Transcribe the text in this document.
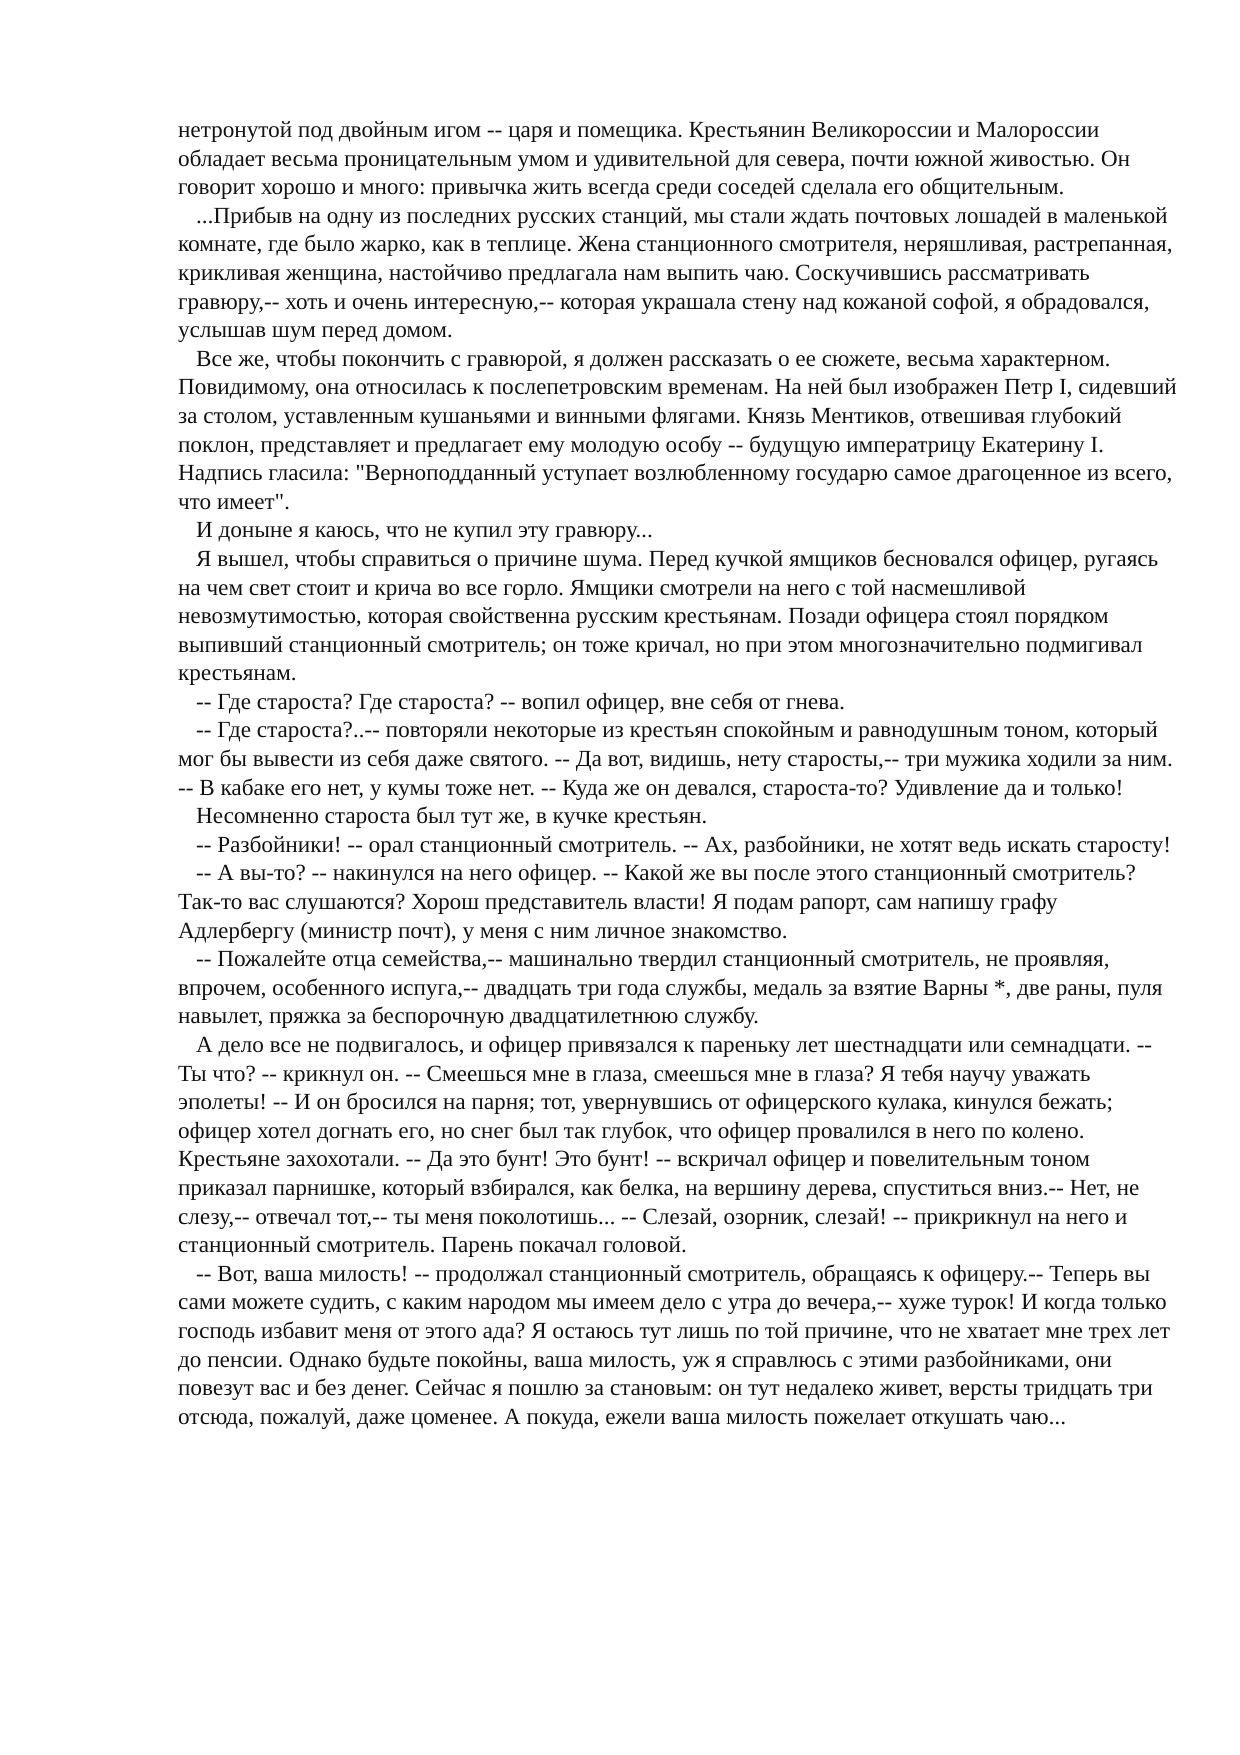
нетронутой под двойным игом -- царя и помещика. Крестьянин Великороссии и Малороссии обладает весьма проницательным умом и удивительной для севера, почти южной живостью. Он говорит хорошо и много: привычка жить всегда среди соседей сделала его общительным.

...Прибыв на одну из последних русских станций, мы стали ждать почтовых лошадей в маленькой комнате, где было жарко, как в теплице. Жена станционного смотрителя, неряшливая, растрепанная, крикливая женщина, настойчиво предлагала нам выпить чаю. Соскучившись рассматривать гравюру,-- хоть и очень интересную,-- которая украшала стену над кожаной софой, я обрадовался, услышав шум перед домом.

Все же, чтобы покончить с гравюрой, я должен рассказать о ее сюжете, весьма характерном. Повидимому, она относилась к послепетровским временам. На ней был изображен Петр I, сидевший за столом, уставленным кушаньями и винными флягами. Князь Ментиков, отвешивая глубокий поклон, представляет и предлагает ему молодую особу -- будущую императрицу Екатерину I. Надпись гласила: "Верноподданный уступает возлюбленному государю самое драгоценное из всего, что имеет".

И доныне я каюсь, что не купил эту гравюру...

Я вышел, чтобы справиться о причине шума. Перед кучкой ямщиков бесновался офицер, ругаясь на чем свет стоит и крича во все горло. Ямщики смотрели на него с той насмешливой невозмутимостью, которая свойственна русским крестьянам. Позади офицера стоял порядком выпивший станционный смотритель; он тоже кричал, но при этом многозначительно подмигивал крестьянам.

-- Где староста? Где староста? -- вопил офицер, вне себя от гнева.

-- Где староста?..-- повторяли некоторые из крестьян спокойным и равнодушным тоном, который мог бы вывести из себя даже святого. -- Да вот, видишь, нету старосты,-- три мужика ходили за ним. -- В кабаке его нет, у кумы тоже нет. -- Куда же он девался, староста-то? Удивление да и только!

Несомненно староста был тут же, в кучке крестьян.

-- Разбойники! -- орал станционный смотритель. -- Ах, разбойники, не хотят ведь искать старосту!

-- А вы-то? -- накинулся на него офицер. -- Какой же вы после этого станционный смотритель? Так-то вас слушаются? Хорош представитель власти! Я подам рапорт, сам напишу графу Адлербергу (министр почт), у меня с ним личное знакомство.

-- Пожалейте отца семейства,-- машинально твердил станционный смотритель, не проявляя, впрочем, особенного испуга,-- двадцать три года службы, медаль за взятие Варны *, две раны, пуля навылет, пряжка за беспорочную двадцатилетнюю службу.

А дело все не подвигалось, и офицер привязался к пареньку лет шестнадцати или семнадцати. -- Ты что? -- крикнул он. -- Смеешься мне в глаза, смеешься мне в глаза? Я тебя научу уважать эполеты! -- И он бросился на парня; тот, увернувшись от офицерского кулака, кинулся бежать; офицер хотел догнать его, но снег был так глубок, что офицер провалился в него по колено. Крестьяне захохотали. -- Да это бунт! Это бунт! -- вскричал офицер и повелительным тоном приказал парнишке, который взбирался, как белка, на вершину дерева, спуститься вниз.-- Нет, не слезу,-- отвечал тот,-- ты меня поколотишь... -- Слезай, озорник, слезай! -- прикрикнул на него и станционный смотритель. Парень покачал головой.

-- Вот, ваша милость! -- продолжал станционный смотритель, обращаясь к офицеру.-- Теперь вы сами можете судить, с каким народом мы имеем дело с утра до вечера,-- хуже турок! И когда только господь избавит меня от этого ада? Я остаюсь тут лишь по той причине, что не хватает мне трех лет до пенсии. Однако будьте покойны, ваша милость, уж я справлюсь с этими разбойниками, они повезут вас и без денег. Сейчас я пошлю за становым: он тут недалеко живет, версты тридцать три отсюда, пожалуй, даже цоменее. А покуда, ежели ваша милость пожелает откушать чаю...
